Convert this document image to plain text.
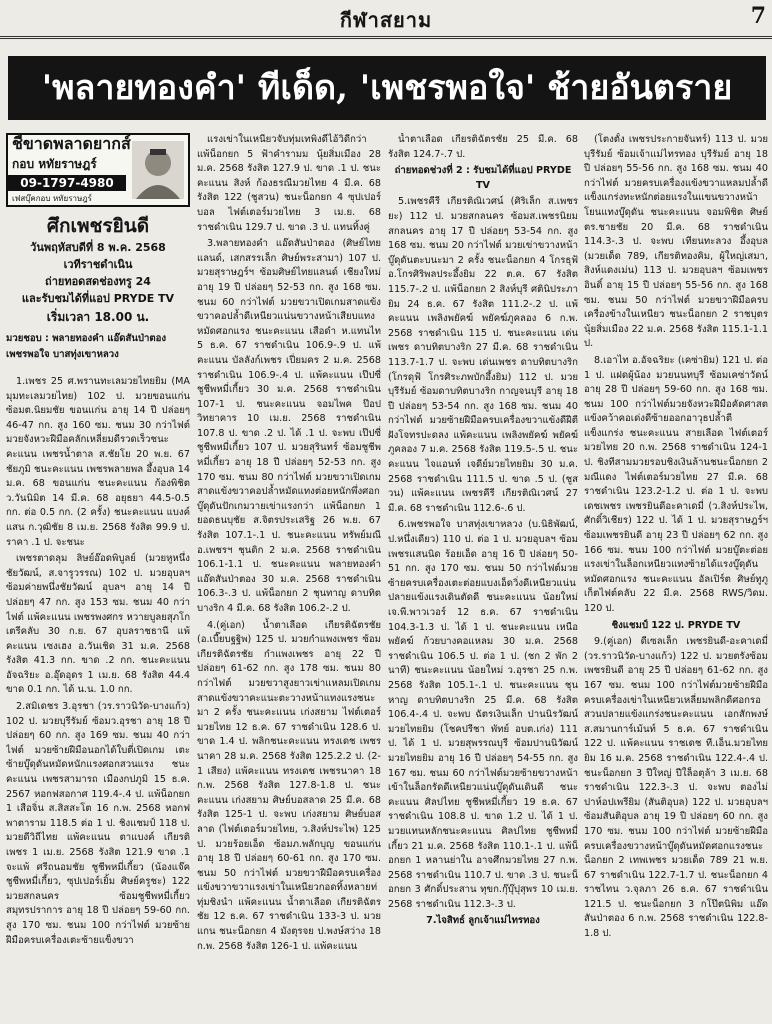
กีฬาสยาม	7
'พลายทองคำ' ทีเด็ด, 'เพชรพอใจ' ช้ายอันตราย
ชี้ขาดพลาดยากส์
กอบ หทัยราษฎร์
09-1797-4980
เฟสบุ๊คกอบ หทัยราษฎร์
ศึกเพชรยินดี
วันพฤหัสบดีที่ 8 พ.ค. 2568
เวทีราชดำเนิน
ถ่ายทอดสดช่องทรู 24
และรับชมได้ที่แอป PRYDE TV
เริ่มเวลา 18.00 น.
มวยชอบ : พลายทองคำ แอ๊ดสันป่าตอง
เพชรพอใจ บาสทุ่งเขาหลวง

1.เพชร 25 ศ.พรานทะเลมวยไทยยิม (MA มุมทะเลมวยไทย) 102 ป. มวยขอนแก่น ซ้อมต.นิยมชัย ขอนแก่น อายุ 14 ปี ปล่อยๆ 46-47 กก. สูง 160 ซม. ชนม 30 กว่าไฟต์ มวยจังหวะฝีมือคลักเหลี่ยมดีรวดเร็วชนะคะแนน เพชรน้ำตาล ส.ชัยโย 20 พ.ย. 67 ชัยภูมิ ชนะคะแนน เพชรพลายพล อึ้งอุบล 14 ม.ค. 68 ขอนแก่น ชนะคะแนน ก้องพิชิต ว.วันนิมิต 14 มี.ค. 68 อยุธยา 44.5-0.5 กก. ต่อ 0.5 กก. (2 ครั้ง) ชนะคะแนน แบงค์แสน ก.วุฒิชัย 8 เม.ย. 2568 รังสิต 99.9 ป. ราคา .1 ป. จะชนะ

เพชรตาดลุม ลิษย์อ๊อดพิบูลย์ (มวยหูหนึ่ง ชัยวัฒน์, ส.จารูวรรณ) 102 ป. มวยอุบลฯ ซ้อมค่ายพนึ่งชัยวัฒน์ อุบลฯ อายุ 14 ปี ปล่อยๆ 47 กก. สูง 153 ซม. ชนม 40 กว่าไฟต์ แพ้คะแนน เพชรพงศกร หวายบูลยสุภโกเตรีคลับ 30 ก.ย. 67 อุบลราชธานี แพ้คะแนน เซงเฮง อ.วันเชิด 31 ม.ค. 2568 รังสิต 41.3 กก. ขาด .2 กก. ชนะคะแนน อัจฉริยะ อ.อุ๊ดอุดร 1 เม.ย. 68 รังสิต 44.4 ขาด 0.1 กก. ได้ น.น. 1.0 กก.

2.สมิเดชร 3.อุรชา (วร.ราวนิวัด-บางแก้ว) 102 ป. มวยบุรีรัมย์ ซ้อมว.อุรชา อายุ 18 ปี ปล่อยๆ 60 กก. สูง 169 ซม. ชนม 40 กว่าไฟต์ มวยซ้ายฝีมือนอกได้ใบตี่เปิดเกม เตะซ้ายบู๊ดุดันหมัดหนักแรงศอกสวนแรง ชนะคะแนน เพชรสามารถ เมืองกปภูมิ 15 ธ.ค. 2567 หอกฟสอกาศ 119.4-.4 ป. แพ้น็อกยก 1 เสือจิ่น ส.สิสสะโต 16 ก.พ. 2568 หอกฟพาตาราม 118.5 ต่อ 1 ป. ชิงแชมป์ 118 ป. มวยดีวิถีไทย แพ้คะแนน ตาแบงค์ เกียรติเพชร 1 เม.ย. 2568 รังสิต 121.9 ขาด .1 จะแพ้ ศรีถนอมชัย ชูชีพหมี่เกี้ยว (น้องแจ๊ค ชูชีพหมี่เกี้ยว, ซุปเปอร์เยิ้ม ศิษย์ครูชะ) 122 มวยสกลนคร ซ้อมชูชีพหมี่เกี้ยว สมุทรปราการ อายุ 18 ปี ปล่อยๆ 59-60 กก. สูง 170 ซม. ชนม 100 กว่าไฟต์ มวยซ้ายฝีมือครบเครื่องเตะซ้ายแข็งขวา

แรงเข่าในเหนียวจับทุ่มเทพิงดีไอ้วิดีกว่า แพ้น็อกยก 5 ฟ้าคำรามม นุ้ยสิ่มเมือง 28 ม.ค. 2568 รังสิต 127.9 ป. ขาด .1 ป. ชนะคะแนน สิงห์ ก้องธรณีมวยไทย 4 มี.ค. 68 รังสิต 122 (ชูสวน) ชนะน็อกยก 4 ซุปเปอร์บอล ไฟต์เตอร์มวยไทย 3 เม.ย. 68 ราชดำเนิน 129.7 ป. ขาด .3 ป. แทนทิ้งคู่

3.พลายทองคำ แอ๊ดสันป่าตอง (ศิษย์ไทยแลนด์, เสกสรรเล็ก ศิษย์พระสามา) 107 ป. มวยสุราษฎร์ฯ ซ้อมศิษย์ไทยแลนด์ เชียงใหม่ อายุ 19 ปี ปล่อยๆ 52-53 กก. สูง 168 ซม. ชนม 60 กว่าไฟต์ มวยขวาเปิดเกมสาดแข้งขวาคอปล้ำดีเหนียวแน่นขวางหน้าเสียบแทงหมัดศอกแรง ชนะคะแนน เสือดำ ห.แทนไท 5 ธ.ค. 67 ราชดำเนิน 106.9-.9 ป. แพ้คะแนน บัลลังก์เพชร เปี่ยมคร 2 ม.ค. 2568 ราชดำเนิน 106.9-.4 ป. แพ้คะแนน เป๊ปซี่ ชูชีพหมี่เกี้ยว 30 ม.ค. 2568 ราชดำเนิน 107-1 ป. ชนะคะแนน จอมไพค ป๊อป วิทยาคาร 10 เม.ย. 2568 ราชดำเนิน 107.8 ป. ขาด .2 ป. ได้ .1 ป. จะพบ เป๊ปซี่ ชูชีพหมี่เกี้ยว 107 ป. มวยสุรินทร์ ซ้อมชูชีพหมี่เกี้ยว อายุ 18 ปี ปล่อยๆ 52-53 กก. สูง 170 ซม. ชนม 80 กว่าไฟต์ มวยขวาเปิดเกมสาดแข้งขวาคอปล้ำหมัดแทงต่อยหนักพึ่งศอกบู๊ดุดันปักเกมวายเข่าแรงกว่า แพ้น็อกยก 1 ยอดธนบุชัย ส.จิตรประเสริฐ 26 พ.ย. 67 รังสิต 107.1-.1 ป. ชนะคะแนน ทรัพย์มณี อ.เพชรฯ ชุนดิก 2 ม.ค. 2568 ราชดำเนิน 106.1-1.1 ป. ชนะคะแนน พลายทองคำ แอ๊ดสันป่าตอง 30 ม.ค. 2568 ราชดำเนิน 106.3-.3 ป. แพ้น็อกยก 2 ชุนทาญ ดาบทิตบางริก 4 มี.ค. 68 รังสิต 106.2-.2 ป.

4.(คู่เอก) น้ำตาเลือด เกียรติฉัตรชัย (อ.เบี๊ยบฐฐิพ) 125 ป. มวยกำแพงเพชร ซ้อมเกียรติฉัตรชัย กำแพงเพชร อายุ 22 ปี ปล่อยๆ 61-62 กก. สูง 178 ซม. ชนม 80 กว่าไฟต์ มวยขวาสูงยาวเข่าแหลมเปิดเกมสาดแข้งขวาคะแนะตะวางหน้าแทงแรงชนะมา 2 ครั้ง ชนะคะแนน เก่งสยาม ไฟต์เตอร์มวยไทย 12 ธ.ค. 67 ราชดำเนิน 128.6 ป. ขาด 1.4 ป. พลิกชนะคะแนน ทรงเดช เพชรนาคา 28 ม.ค. 2568 รังสิต 125.2.2 ป. (2-1 เสียง) แพ้คะแนน ทรงเดช เพชรนาคา 18 ก.พ. 2568 รังสิต 127.8-1.8 ป. ชนะคะแนน เก่งสยาม ศิษย์บอสลาด 25 มี.ค. 68 รังสิต 125-1 ป. จะพบ เก่งสยาม ศิษย์บอสลาด (ไฟต์เตอร์มวยไทย, ว.สิงห์ประไพ) 125 ป. มวยร้อยเอ็ด ซ้อมภ.พลักบุญ ขอนแก่น อายุ 18 ปี ปล่อยๆ 60-61 กก. สูง 170 ซม. ชนม 50 กว่าไฟต์ มวยขวาฝีมือครบเครื่องแข้งขวาขวาแรงเข่าในเหนียวกอดทิ้งหลายท่ทุ่มชิงนำ แพ้คะแนน น้ำตาเลือด เกียรติฉัตรชัย 12 ธ.ค. 67 ราชดำเนิน 133-3 ป. มวยแกน ชนะน็อกยก 4 มังตุรจย ป.พงษ์สว่าง 18 ก.พ. 2568 รังสิต 126-1 ป. แพ้คะแนน

น้ำตาเลือด เกียรติฉัตรชัย 25 มี.ค. 68 รังสิต 124.7-.7 ป.

ถ่ายทอดช่วงที่ 2 : รับชมได้ที่แอป PRYDE TV

5.เพชรคีรี เกียรติณิเวศน์ (ศิริเล็ก ส.เพชรยะ) 112 ป. มวยสกลนคร ซ้อมส.เพชรนิยมสกลนคร อายุ 17 ปี ปล่อยๆ 53-54 กก. สูง 168 ซม. ชนม 20 กว่าไฟต์ มวยเข่าขวางหน้าบู๊ดุดันตะบนะมา 2 ครั้ง ชนะน็อกยก 4 โกรธุฟ้ อ.โกรศิริพลประอึ้งยิม 22 ต.ค. 67 รังสิต 115.7-.2 ป. แพ้น็อกยก 2 สิงห์บุรี ศตินิประภายิม 24 ธ.ค. 67 รังสิต 111.2-.2 ป. แพ้คะแนน เพลิงพยัคฆ์ พยัคฆ์ภูคลอง 6 ก.พ. 2568 ราชดำเนิน 115 ป. ชนะคะแนน เด่นเพชร ดาบทิตบางริก 27 มี.ค. 68 ราชดำเนิน 113.7-1.7 ป. จะพบ เด่นเพชร ดาบทิตบางริก (โกรดุฟ้ โกรศิระภพบักอึ้งยิม) 112 ป. มวยบุรีรัมย์ ซ้อมดาบทิตบางริก กาญจนบุรี อายุ 18 ปี ปล่อยๆ 53-54 กก. สูง 168 ซม. ชนม 40 กว่าไฟต์ มวยซ้ายฝีมือครบเครื่องขวาแข้งดีฝีตีฝังโจทรปะดลง แพ้คะแนน เพลิงพยัคฆ์ พยัคฆ์ภูคลอง 7 ม.ค. 2568 รังสิต 119.5-.5 ป. ชนะคะแนน ไจแอนท์ เจดีย์มวยไทยยิม 30 ม.ค. 2568 ราชดำเนิน 111.5 ป. ขาด .5 ป. (ชูสวน) แพ้คะแนน เพชรคีรี เกียรติณิเวศน์ 27 มี.ค. 68 ราชดำเนิน 112.6-.6 ป.

6.เพชรพอใจ บาสทุ่งเขาหลวง (บ.นิธิพัฒน์, ป.หนึ่งเดียว) 110 ป. ต่อ 1 ป. มวยอุบลฯ ซ้อมเพชรแสนนิด ร้อยเอ็ด อายุ 16 ปี ปล่อยๆ 50-51 กก. สูง 170 ซม. ชนม 50 กว่าไฟต์มวยซ้ายครบเครื่องเตะต่อยแบงเอ็ดวิ่งดีเหนียวแน่นปลายแข้งแรงเดินตัดดี ชนะคะแนน น้อยใหม่ เจ.พี.พาวเวอร์ 12 ธ.ค. 67 ราชดำเนิน 104.3-1.3 ป. ได้ 1 ป. ชนะคะแนน เหนือพยัคฆ์ ก้วยบางคอแหลม 30 ม.ค. 2568 ราชดำเนิน 106.5 ป. ต่อ 1 ป. (ชก 2 พัก 2 นาที) ชนะคะแนน น้อยใหม่ ว.อุรชา 25 ก.พ. 2568 รังสิต 105.1-.1 ป. ชนะคะแนน ชุนหาญ ดาบทิตบางริก 25 มี.ค. 68 รังสิต 106.4-.4 ป. จะพบ ฉัตรเงินเล็ก ปานนิรวัฒน์มวยไทยยิม (โชคปรีชา พัทย์ อบต.เก่ง) 111 ป. ได้ 1 ป. มวยสุพรรณบุรี ซ้อมปานนิวัฒน์มวยไทยยิม อายุ 16 ปี ปล่อยๆ 54-55 กก. สูง 167 ซม. ชนม 60 กว่าไฟต์มวยซ้ายขวางหน้าเข้าในล็อกรัดดีเหนียวแน่นบู๊ดุดันเดินดี ชนะคะแนน ศิลปไทย ชูชีพหมี่เกี้ยว 19 ธ.ค. 67 ราชดำเนิน 108.8 ป. ขาด 1.2 ป. ได้ 1 ป. มวยแทนหลักชนะคะแนน ศิลปไทย ชูชีพหมี่เกี้ยว 21 ม.ค. 2568 รังสิต 110.1-.1 ป. แพ้น็อกยก 1 หลานย่าใน อาจศึกมวยไทย 27 ก.พ. 2568 ราชดำเนิน 110.7 ป. ขาด .3 ป. ชนะน็อกยก 3 ศักดิ์ประสาน ทุขก.กุ๊บุ๊ปุสุพร 10 เม.ย. 2568 ราชดำเนิน 112.3-.3 ป.

7.ไจสิทธ์ ลูกเจ้าแม่ไทรทอง

(โตงตั้ง เพชรประกายจันทร์) 113 ป. มวยบุรีรัมย์ ซ้อมเจ้าแม่ไทรทอง บุรีรัมย์ อายุ 18 ปี ปล่อยๆ 55-56 กก. สูง 168 ซม. ชนม 40 กว่าไฟต์ มวยครบเครื่องแข้งขวาแหลมปล้ำดีแข็งแกร่งทะหนักต่อยแรงในแขนขวางหน้าโยนแทงบู๊ดุดัน ชนะคะแนน จอมพิชิต ศิษย์ ตร.ชายชัย 20 มี.ค. 68 ราชดำเนิน 114.3-.3 ป. จะพบ เทียนทะลวง อึ้งอุบล (มวยเด็ด 789, เกียรติทองคิม, ผู้ใหญ่เสมา, สิงห์แดงเม่น) 113 ป. มวยอุบลฯ ซ้อมเพชรอินดิ์ อายุ 15 ปี ปล่อยๆ 55-56 กก. สูง 168 ซม. ชนม 50 กว่าไฟต์ มวยขวาฝีมือครบเครื่องข้างในเหนียว ชนะน็อกยก 2 ราชบุตร นุ้ยสิ่มเมือง 22 ม.ค. 2568 รังสิต 115.1-1.1 ป.

8.เอาไท อ.อัจฉริยะ (เคซ่ายิม) 121 ป. ต่อ 1 ป. แฝดผู้น้อง มวยนนทบุรี ซ้อมเคซ่าวัดน์ อายุ 28 ปี ปล่อยๆ 59-60 กก. สูง 168 ซม. ชนม 100 กว่าไฟต์มวยจังหวะฝีมือคัดศาสตแข้งคว้าคอเด่งดีซ้ายออกอาวุธปล้ำตีแข็งแกร่ง ชนะคะแนน สายเลือด ไฟต์เตอร์มวยไทย 20 ก.พ. 2568 ราชดำเนิน 124-1 ป. ชิงทีสามมวยรอบชิงเงินล้านชนะน็อกยก 2 มณีแดง ไฟต์เตอร์มวยไทย 27 มี.ค. 68 ราชดำเนิน 123.2-1.2 ป. ต่อ 1 ป. จะพบ เดชเพชร เพชรยินดีอะคาเดมี่ (ว.สิงห์ประไพ, ศักดิ์วิเชียร) 122 ป. ได้ 1 ป. มวยสุราษฎร์ฯ ซ้อมเพชรยินดี อายุ 23 ปี ปล่อยๆ 62 กก. สูง 166 ซม. ชนม 100 กว่าไฟต์ มวยบู๊ตะต่อยแรงเข่าในล็อกเหนียวแทงซ้ายได้แรงบู๊ดุดันหมัดศอกแรง ชนะคะแนน อัลเปิร์ต ศิษย์ทูภูเก็ตไฟต์คลับ 22 มี.ค. 2568 RWS/วิดม. 120 ป.

ชิงแชมป์ 122 ป. PRYDE TV

9.(คู่เอก) ดีเซลเล็ก เพชรยินดี-อะคาเดมี่ (วร.ราวนิวัด-บางแก้ว) 122 ป. มวยตรังซ้อมเพชรยินดี อายุ 25 ปี ปล่อยๆ 61-62 กก. สูง 167 ซม. ชนม 100 กว่าไฟต์มวยซ้ายฝีมือครบเครื่องเข่าในเหนียวเหลี่ยมพลิกดีศอกรอสวนปลายแข้งแกร่งชนะคะแนน เอกสักพงษ์ ส.สมานการ์เม้นท์ 5 ธ.ค. 67 ราชดำเนิน 122 ป. แพ้คะแนน ราชเดช ที.เอ็น.มวยไทยยิม 16 ม.ค. 2568 ราชดำเนิน 122.4-.4 ป. ชนะน็อกยก 3 ปีใหญ่ ปีใล็อตุล้า 3 เม.ย. 68 ราชดำเนิน 122.3-.3 ป. จะพบ ตองไม่ปาห์อปเพรียิม (สันติอุบล) 122 ป. มวยอุบลฯ ซ้อมสันติอุบล อายุ 19 ปี ปล่อยๆ 60 กก. สูง 170 ซม. ชนม 100 กว่าไฟต์ มวยซ้ายฝีมือครบเครื่องขวางหน้าบู๊ดุดันหมัดศอกแรงชนะน็อกยก 2 เทพเพชร มวยเด็ด 789 21 พ.ย. 67 ราชดำเนิน 122.7-1.7 ป. ชนะน็อกยก 4 ราชไทน ว.จุลภา 26 ธ.ค. 67 ราชดำเนิน 121.5 ป. ชนะน็อกยก 3 กโป๊ตนิพิม แอ๊ดสันป่าตอง 6 ก.พ. 2568 ราชดำเนิน 122.8-1.8 ป.
